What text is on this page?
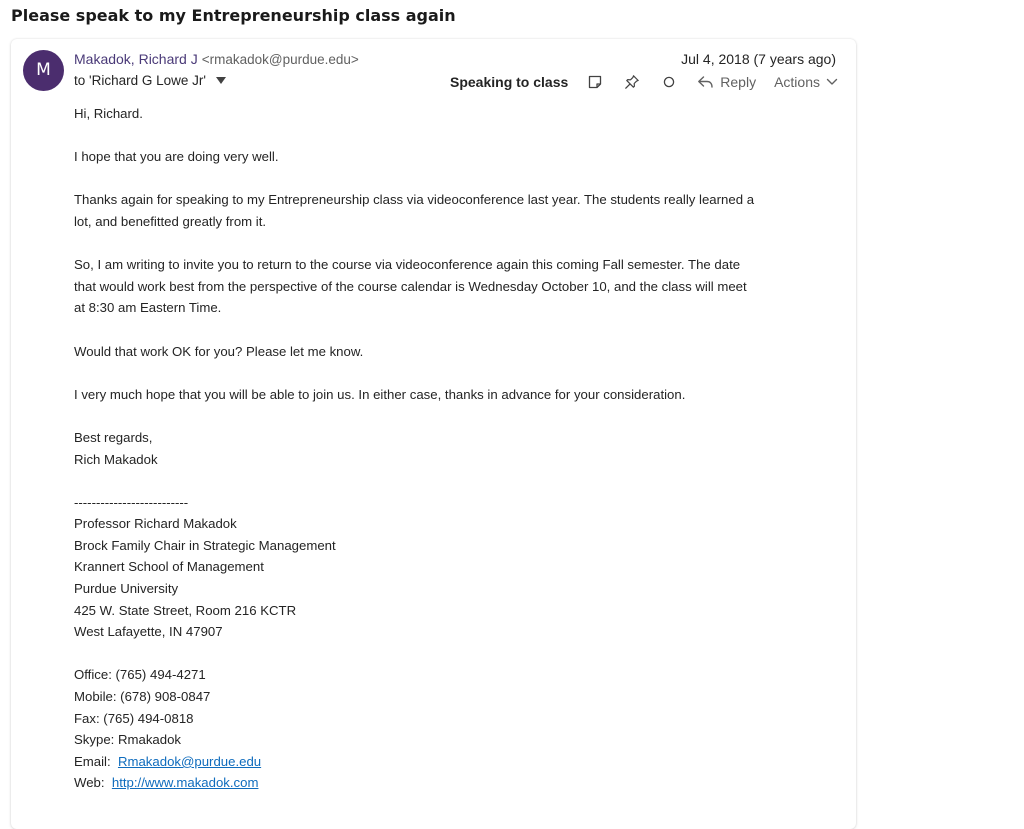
Please speak to my Entrepreneurship class again
M
Makadok, Richard J <rmakadok@purdue.edu>
to 'Richard G Lowe Jr'
Jul 4, 2018 (7 years ago)
Speaking to class	Reply Actions

Hi, Richard.

I hope that you are doing very well.

Thanks again for speaking to my Entrepreneurship class via videoconference last year. The students really learned a
lot, and benefitted greatly from it.

So, I am writing to invite you to return to the course via videoconference again this coming Fall semester. The date
that would work best from the perspective of the course calendar is Wednesday October 10, and the class will meet
at 8:30 am Eastern Time.

Would that work OK for you? Please let me know.

I very much hope that you will be able to join us. In either case, thanks in advance for your consideration.

Best regards,
Rich Makadok

--------------------------
Professor Richard Makadok
Brock Family Chair in Strategic Management
Krannert School of Management
Purdue University
425 W. State Street, Room 216 KCTR
West Lafayette, IN 47907

Office: (765) 494-4271
Mobile: (678) 908-0847
Fax: (765) 494-0818
Skype: Rmakadok
Email:  Rmakadok@purdue.edu
Web:  http://www.makadok.com
